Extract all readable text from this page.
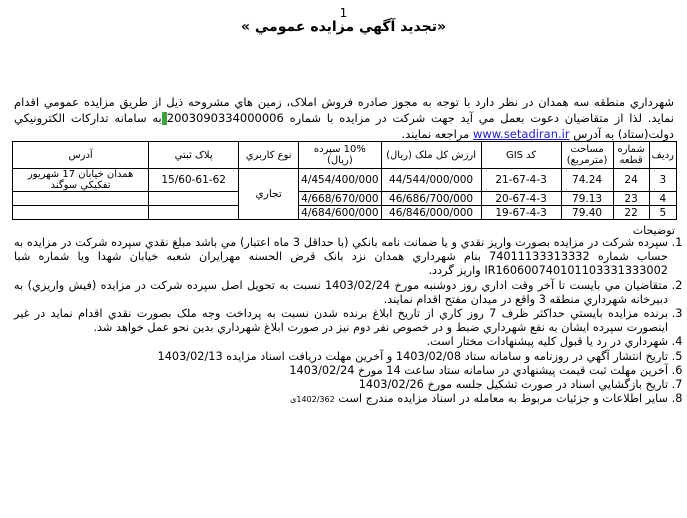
1
« تجديد آگهي مزايده عمومي»
شهرداري منطقه سه همدان در نظر دارد با توجه به مجوز صادره فروش املاک، زمين هاي مشروحه ذيل از طريق مزايده عمومي اقدام نمايد. لذا از متقاضيان دعوت بعمل مي آيد جهت شرکت در مزايده با شماره 2003090334000006به سامانه تدارکات الکترونيکي دولت(ستاد) به آدرس www.setadiran.ir مراجعه نمايند.
رديف	شماره قطعه	مساحت (مترمربع)	کد GIS	ارزش کل ملک (ريال)	10% سپرده (ريال)	نوع کاربري	پلاک ثبتي	آدرس
3	24	74.24	21-67-4-3	44/544/000/000	4/454/400/000	تجاري	15/60-61-62	همدان خيابان 17 شهريور تفکيکي سوگند
4	23	79.13	20-67-4-3	46/686/700/000	4/668/670/000			
5	22	79.40	19-67-4-3	46/846/000/000	4/684/600/000			
توضيحات
1. سپرده شرکت در مزايده بصورت واريز نقدي و يا ضمانت نامه بانکي (با حداقل 3 ماه اعتبار) مي باشد مبلغ نقدي سپرده شرکت در مزايده به حساب شماره 74011133313332 بنام شهرداري همدان نزد بانک قرض الحسنه مهرايران شعبه خيابان شهدا ويا شماره شبا IR160600740101103331333002 واريز گردد.
2. متقاضيان مي بايست تا آخر وقت اداري روز دوشنبه مورخ 1403/02/24 نسبت به تحويل اصل سپرده شرکت در مزايده (فيش واريزي) به دبيرخانه شهرداري منطقه 3 واقع در ميدان مفتح اقدام نمايند.
3. برنده مزايده بايستي حداکثر ظرف 7 روز کاري از تاريخ ابلاغ برنده شدن نسبت به پرداخت وجه ملک بصورت نقدي اقدام نمايد در غير اينصورت سپرده ايشان به نفع شهرداري ضبط و در خصوص نفر دوم نيز در صورت ابلاغ شهرداري بدين نحو عمل خواهد شد.
4. شهرداري در رد يا قبول کليه پيشنهادات مختار است.
5. تاريخ انتشار آگهي در روزنامه و سامانه ستاد 1403/02/08 و آخرين مهلت دريافت اسناد مزايده 1403/02/13
6. آخرين مهلت ثبت قيمت پيشنهادي در سامانه ستاد ساعت 14 مورخ 1403/02/24
7. تاريخ بازگشايي اسناد در صورت تشکيل جلسه مورخ 1403/02/26
8. ساير اطلاعات و جزئيات مربوط به معامله در اسناد مزايده مندرج است 1402/362ی
